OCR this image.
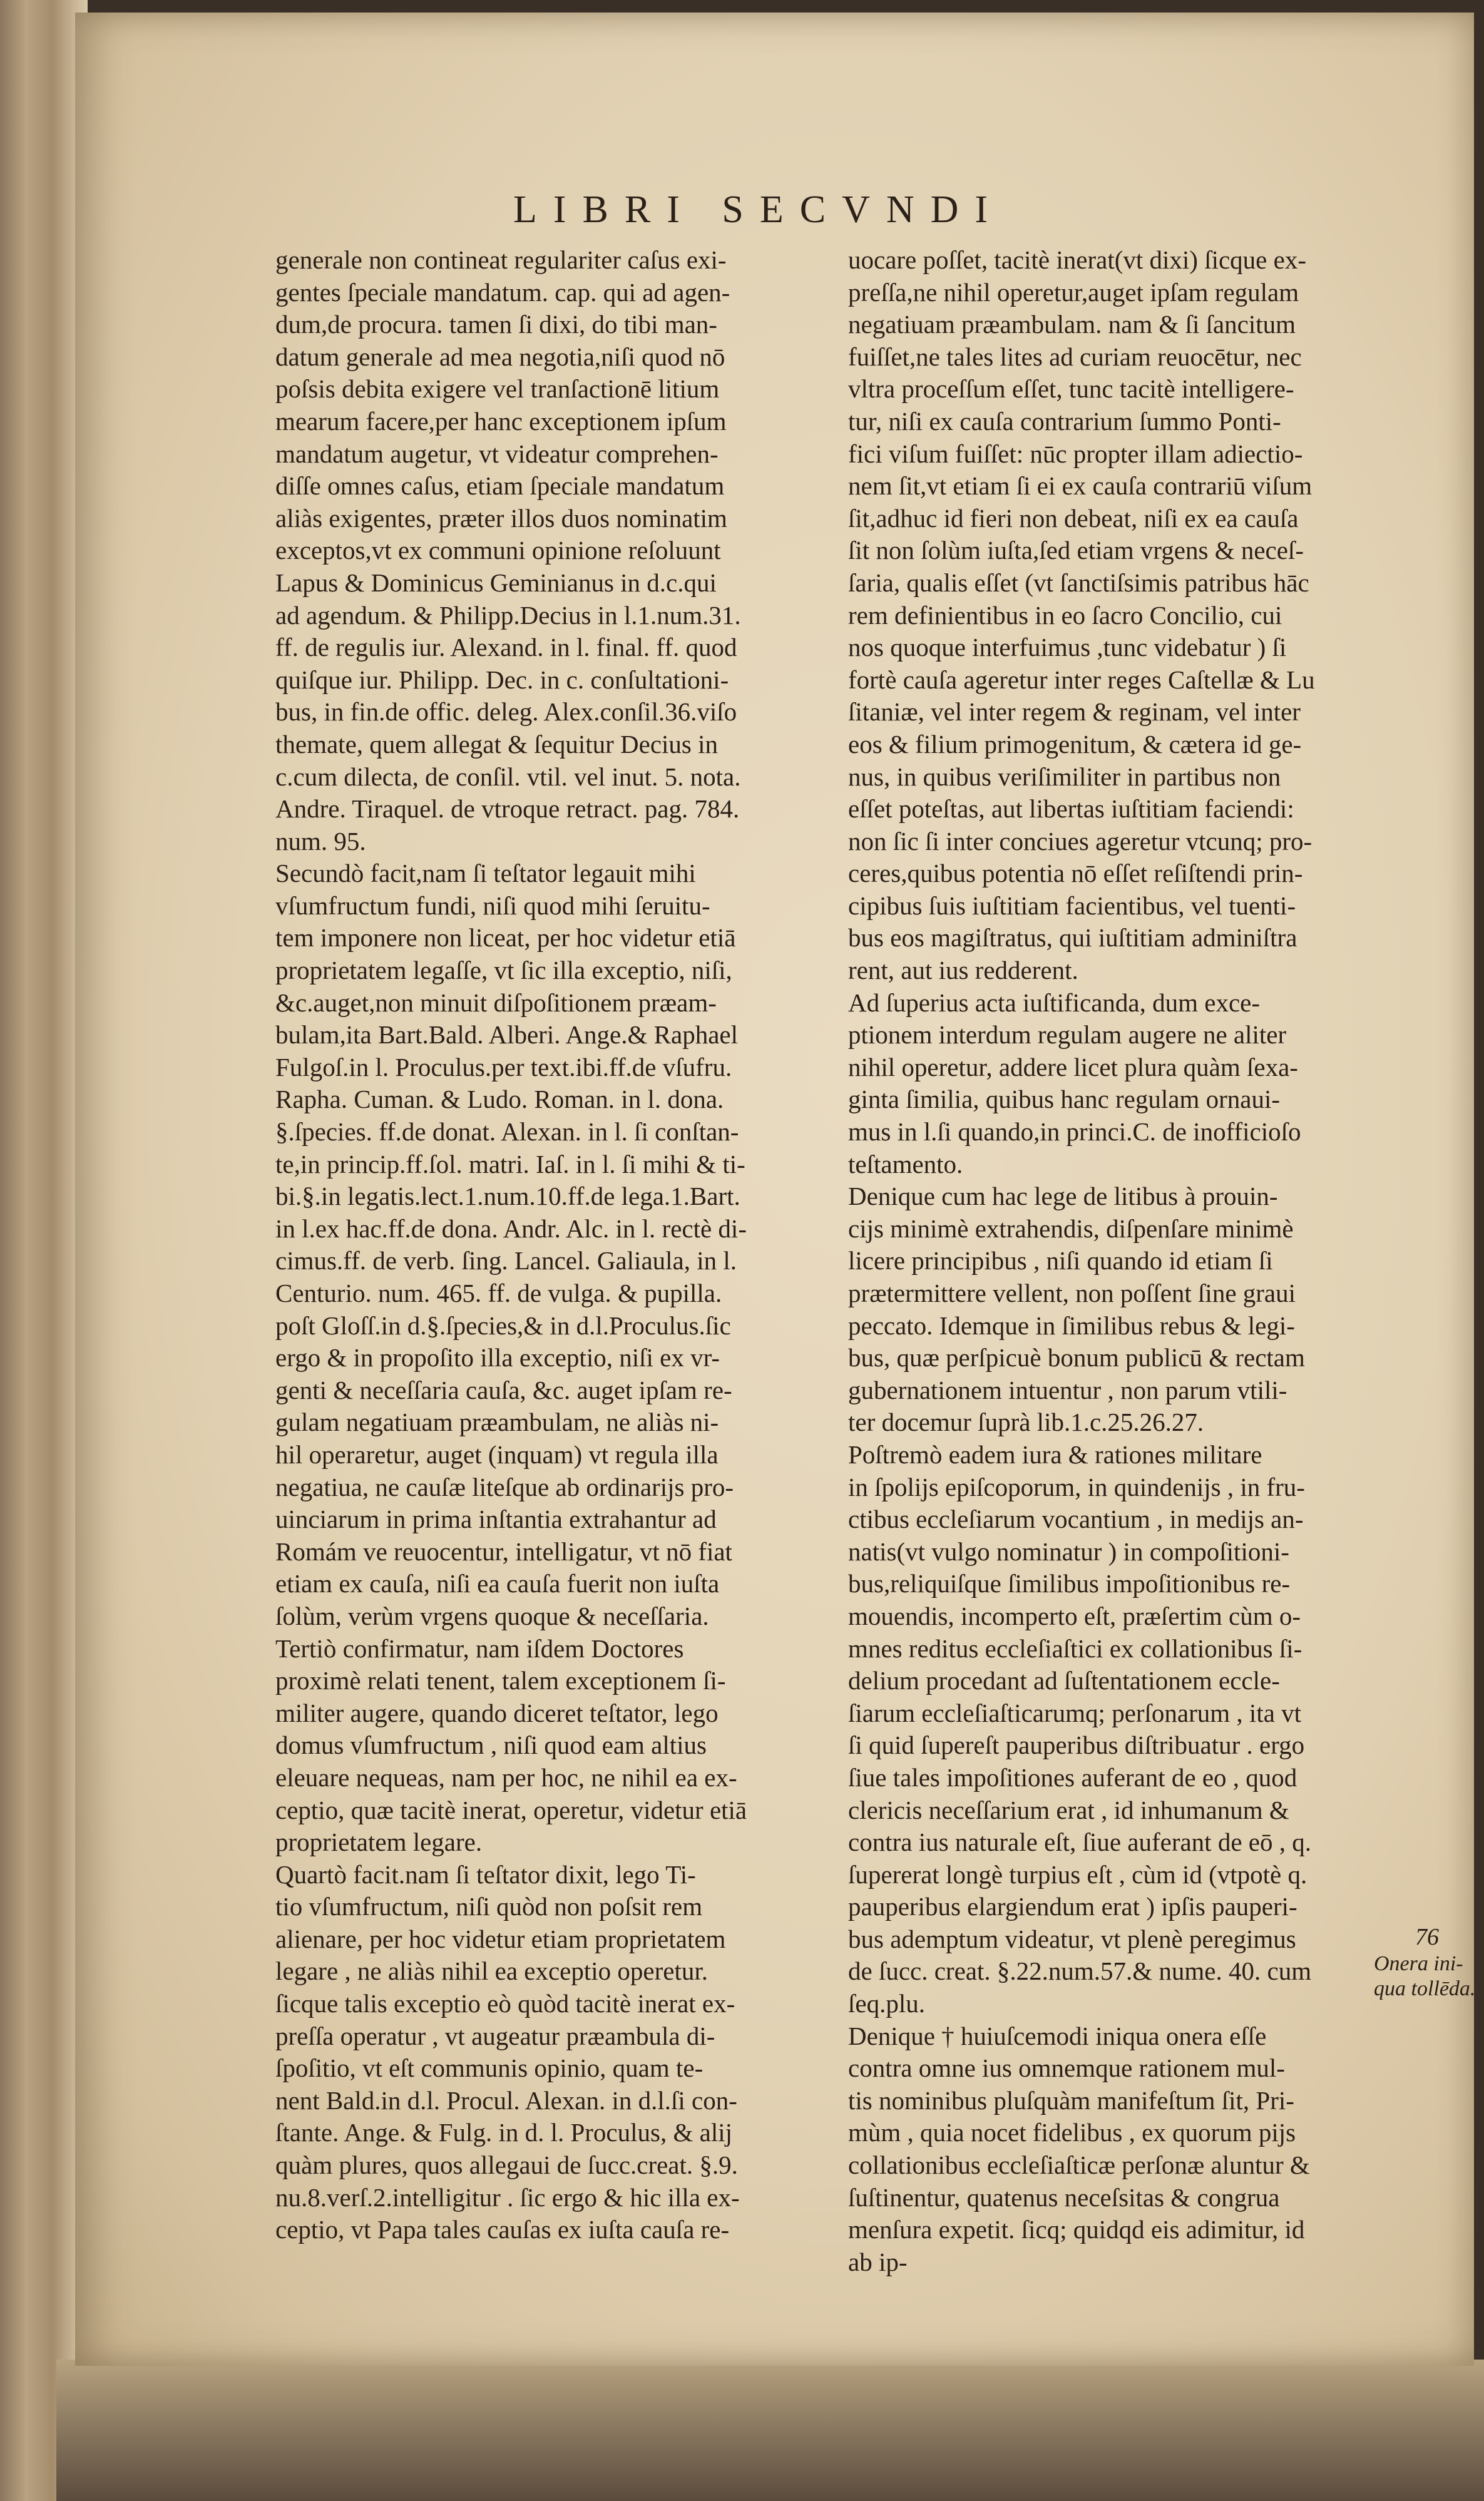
LIBRI SECVNDI
generale non contineat regulariter caſus exi-
gentes ſpeciale mandatum. cap. qui ad agen-
dum,de procura. tamen ſi dixi, do tibi man-
datum generale ad mea negotia,niſi quod nō
poſsis debita exigere vel tranſactionē litium
mearum facere,per hanc exceptionem ipſum
mandatum augetur, vt videatur comprehen-
diſſe omnes caſus, etiam ſpeciale mandatum
aliàs exigentes, præter illos duos nominatim
exceptos,vt ex communi opinione reſoluunt
Lapus & Dominicus Geminianus in d.c.qui
ad agendum. & Philipp.Decius in l.1.num.31.
ff. de regulis iur. Alexand. in l. final. ff. quod
quiſque iur. Philipp. Dec. in c. conſultationi-
bus, in fin.de offic. deleg. Alex.conſil.36.viſo
themate, quem allegat & ſequitur Decius in
c.cum dilecta, de conſil. vtil. vel inut. 5. nota.
Andre. Tiraquel. de vtroque retract. pag. 784.
num. 95.
Secundò facit,nam ſi teſtator legauit mihi
vſumfructum fundi, niſi quod mihi ſeruitu-
tem imponere non liceat, per hoc videtur etiā
proprietatem legaſſe, vt ſic illa exceptio, niſi,
&c.auget,non minuit diſpoſitionem præam-
bulam,ita Bart.Bald. Alberi. Ange.& Raphael
Fulgoſ.in l. Proculus.per text.ibi.ff.de vſufru.
Rapha. Cuman. & Ludo. Roman. in l. dona.
§.ſpecies. ff.de donat. Alexan. in l. ſi conſtan-
te,in princip.ff.ſol. matri. Iaſ. in l. ſi mihi & ti-
bi.§.in legatis.lect.1.num.10.ff.de lega.1.Bart.
in l.ex hac.ff.de dona. Andr. Alc. in l. rectè di-
cimus.ff. de verb. ſing. Lancel. Galiaula, in l.
Centurio. num. 465. ff. de vulga. & pupilla.
poſt Gloſſ.in d.§.ſpecies,& in d.l.Proculus.ſic
ergo & in propoſito illa exceptio, niſi ex vr-
genti & neceſſaria cauſa, &c. auget ipſam re-
gulam negatiuam præambulam, ne aliàs ni-
hil operaretur, auget (inquam) vt regula illa
negatiua, ne cauſæ liteſque ab ordinarijs pro-
uinciarum in prima inſtantia extrahantur ad
Romám ve reuocentur, intelligatur, vt nō fiat
etiam ex cauſa, niſi ea cauſa fuerit non iuſta
ſolùm, verùm vrgens quoque & neceſſaria.
Tertiò confirmatur, nam iſdem Doctores
proximè relati tenent, talem exceptionem ſi-
militer augere, quando diceret teſtator, lego
domus vſumfructum , niſi quod eam altius
eleuare nequeas, nam per hoc, ne nihil ea ex-
ceptio, quæ tacitè inerat, operetur, videtur etiā
proprietatem legare.
Quartò facit.nam ſi teſtator dixit, lego Ti-
tio vſumfructum, niſi quòd non poſsit rem
alienare, per hoc videtur etiam proprietatem
legare , ne aliàs nihil ea exceptio operetur.
ſicque talis exceptio eò quòd tacitè inerat ex-
preſſa operatur , vt augeatur præambula di-
ſpoſitio, vt eſt communis opinio, quam te-
nent Bald.in d.l. Procul. Alexan. in d.l.ſi con-
ſtante. Ange. & Fulg. in d. l. Proculus, & alij
quàm plures, quos allegaui de ſucc.creat. §.9.
nu.8.verſ.2.intelligitur . ſic ergo & hic illa ex-
ceptio, vt Papa tales cauſas ex iuſta cauſa re-
uocare poſſet, tacitè inerat(vt dixi) ſicque ex-
preſſa,ne nihil operetur,auget ipſam regulam
negatiuam præambulam. nam & ſi ſancitum
fuiſſet,ne tales lites ad curiam reuocētur, nec
vltra proceſſum eſſet, tunc tacitè intelligere-
tur, niſi ex cauſa contrarium ſummo Ponti-
fici viſum fuiſſet: nūc propter illam adiectio-
nem ſit,vt etiam ſi ei ex cauſa contrariū viſum
ſit,adhuc id fieri non debeat, niſi ex ea cauſa
ſit non ſolùm iuſta,ſed etiam vrgens & neceſ-
ſaria, qualis eſſet (vt ſanctiſsimis patribus hāc
rem definientibus in eo ſacro Concilio, cui
nos quoque interfuimus ,tunc videbatur ) ſi
fortè cauſa ageretur inter reges Caſtellæ & Lu
ſitaniæ, vel inter regem & reginam, vel inter
eos & filium primogenitum, & cætera id ge-
nus, in quibus veriſimiliter in partibus non
eſſet poteſtas, aut libertas iuſtitiam faciendi:
non ſic ſi inter conciues ageretur vtcunq; pro-
ceres,quibus potentia nō eſſet reſiſtendi prin-
cipibus ſuis iuſtitiam facientibus, vel tuenti-
bus eos magiſtratus, qui iuſtitiam adminiſtra
rent, aut ius redderent.
Ad ſuperius acta iuſtificanda, dum exce-
ptionem interdum regulam augere ne aliter
nihil operetur, addere licet plura quàm ſexa-
ginta ſimilia, quibus hanc regulam ornaui-
mus in l.ſi quando,in princi.C. de inofficioſo
teſtamento.
Denique cum hac lege de litibus à prouin-
cijs minimè extrahendis, diſpenſare minimè
licere principibus , niſi quando id etiam ſi
prætermittere vellent, non poſſent ſine graui
peccato. Idemque in ſimilibus rebus & legi-
bus, quæ perſpicuè bonum publicū & rectam
gubernationem intuentur , non parum vtili-
ter docemur ſuprà lib.1.c.25.26.27.
Poſtremò eadem iura & rationes militare
in ſpolijs epiſcoporum, in quindenijs , in fru-
ctibus eccleſiarum vocantium , in medijs an-
natis(vt vulgo nominatur ) in compoſitioni-
bus,reliquiſque ſimilibus impoſitionibus re-
mouendis, incomperto eſt, præſertim cùm o-
mnes reditus eccleſiaſtici ex collationibus ſi-
delium procedant ad ſuſtentationem eccle-
ſiarum eccleſiaſticarumq; perſonarum , ita vt
ſi quid ſupereſt pauperibus diſtribuatur . ergo
ſiue tales impoſitiones auferant de eo , quod
clericis neceſſarium erat , id inhumanum &
contra ius naturale eſt, ſiue auferant de eō , q.
ſupererat longè turpius eſt , cùm id (vtpotè q.
pauperibus elargiendum erat ) ipſis pauperi-
bus ademptum videatur, vt plenè peregimus
de ſucc. creat. §.22.num.57.& nume. 40. cum
ſeq.plu.
Denique † huiuſcemodi iniqua onera eſſe
contra omne ius omnemque rationem mul-
tis nominibus pluſquàm manifeſtum ſit, Pri-
mùm , quia nocet fidelibus , ex quorum pijs
collationibus eccleſiaſticæ perſonæ aluntur &
ſuſtinentur, quatenus neceſsitas & congrua
menſura expetit. ſicq; quidqd eis adimitur, id
ab ip-
76
Onera ini-
qua tollēda.
